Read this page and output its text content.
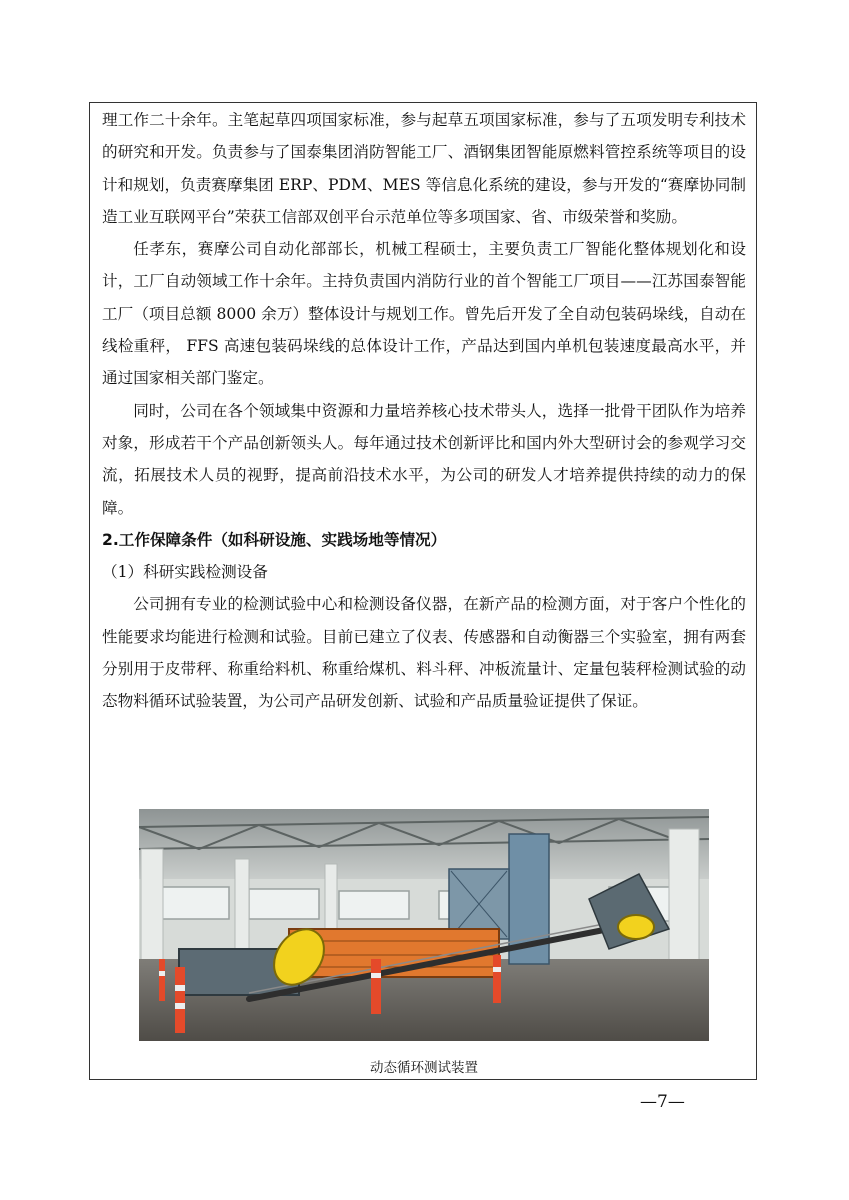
理工作二十余年。主笔起草四项国家标准，参与起草五项国家标准，参与了五项发明专利技术的研究和开发。负责参与了国泰集团消防智能工厂、酒钢集团智能原燃料管控系统等项目的设计和规划，负责赛摩集团 ERP、PDM、MES 等信息化系统的建设，参与开发的“赛摩协同制造工业互联网平台”荣获工信部双创平台示范单位等多项国家、省、市级荣誉和奖励。

任孝东，赛摩公司自动化部部长，机械工程硕士，主要负责工厂智能化整体规划化和设计，工厂自动领域工作十余年。主持负责国内消防行业的首个智能工厂项目——江苏国泰智能工厂（项目总额 8000 余万）整体设计与规划工作。曾先后开发了全自动包装码垛线，自动在线检重秤， FFS 高速包装码垛线的总体设计工作，产品达到国内单机包装速度最高水平，并通过国家相关部门鉴定。

同时，公司在各个领域集中资源和力量培养核心技术带头人，选择一批骨干团队作为培养对象，形成若干个产品创新领头人。每年通过技术创新评比和国内外大型研讨会的参观学习交流，拓展技术人员的视野，提高前沿技术水平，为公司的研发人才培养提供持续的动力的保障。

2.工作保障条件（如科研设施、实践场地等情况）

（1）科研实践检测设备

公司拥有专业的检测试验中心和检测设备仪器，在新产品的检测方面，对于客户个性化的性能要求均能进行检测和试验。目前已建立了仪表、传感器和自动衡器三个实验室，拥有两套分别用于皮带秤、称重给料机、称重给煤机、料斗秤、冲板流量计、定量包装秤检测试验的动态物料循环试验装置，为公司产品研发创新、试验和产品质量验证提供了保证。

动态循环测试装置
—7—
